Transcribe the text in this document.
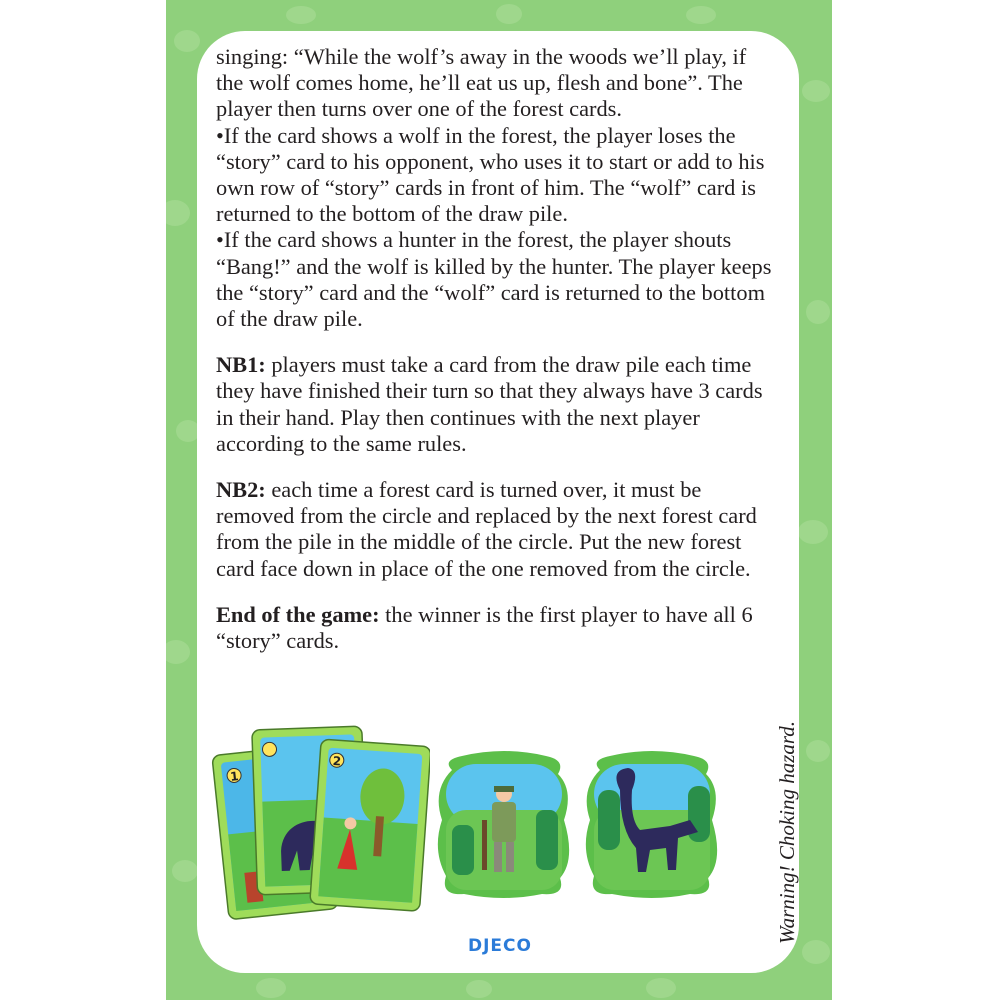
singing: “While the wolf’s away in the woods we’ll play, if the wolf comes home, he’ll eat us up, flesh and bone”. The player then turns over one of the forest cards.

•If the card shows a wolf in the forest, the player loses the “story” card to his opponent, who uses it to start or add to his own row of “story” cards in front of him. The “wolf” card is returned to the bottom of the draw pile.

•If the card shows a hunter in the forest, the player shouts “Bang!” and the wolf is killed by the hunter. The player keeps the “story” card and the “wolf” card is returned to the bottom of the draw pile.

NB1: players must take a card from the draw pile each time they have finished their turn so that they always have 3 cards in their hand. Play then continues with the next player according to the same rules.

NB2: each time a forest card is turned over, it must be removed from the circle and replaced by the next forest card from the pile in the middle of the circle. Put the new forest card face down in place of the one removed from the circle.

End of the game: the winner is the first player to have all 6 “story” cards.

1
2	Warning! Choking hazard.
DJECO
